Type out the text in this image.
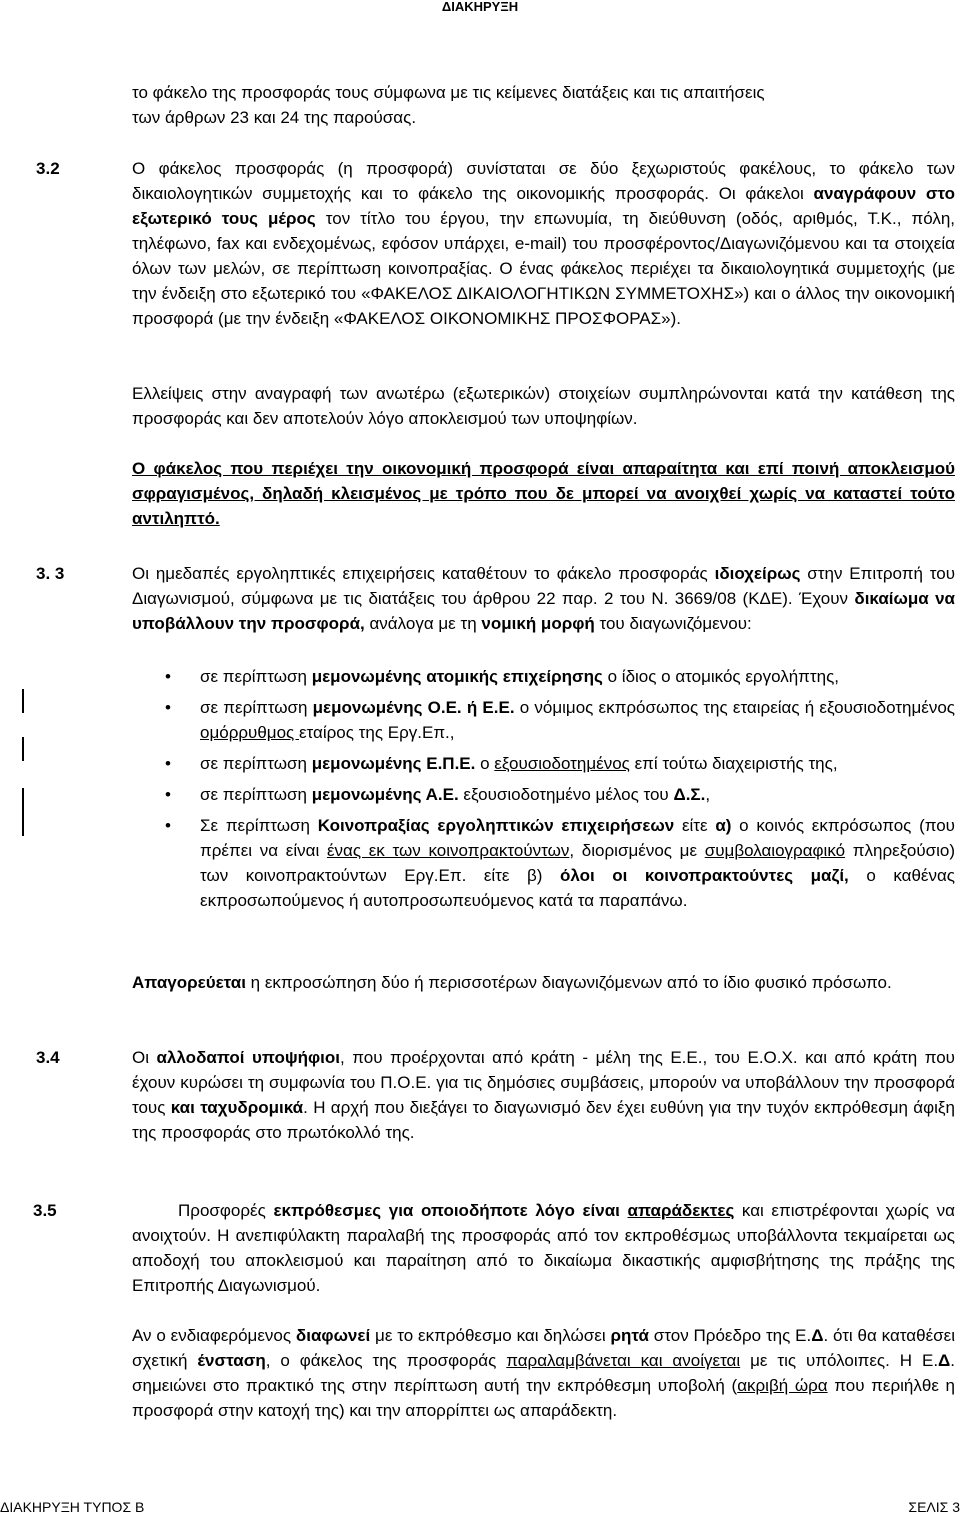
ΔΙΑΚΗΡΥΞΗ
το φάκελο της προσφοράς τους σύμφωνα με τις κείμενες διατάξεις και τις απαιτήσεις
των άρθρων 23 και 24 της παρούσας.
3.2	Ο φάκελος προσφοράς (η προσφορά) συνίσταται σε δύο ξεχωριστούς φακέλους, το φάκελο των δικαιολογητικών συμμετοχής και το φάκελο της οικονομικής προσφοράς. Οι φάκελοι αναγράφουν στο εξωτερικό τους μέρος τον τίτλο του έργου, την επωνυμία, τη διεύθυνση (οδός, αριθμός, Τ.Κ., πόλη, τηλέφωνο, fax και ενδεχομένως, εφόσον υπάρχει, e-mail) του προσφέροντος/Διαγωνιζόμενου και τα στοιχεία όλων των μελών, σε περίπτωση κοινοπραξίας. Ο ένας φάκελος περιέχει τα δικαιολογητικά συμμετοχής (με την ένδειξη στο εξωτερικό του «ΦΑΚΕΛΟΣ ΔΙΚΑΙΟΛΟΓΗΤΙΚΩΝ ΣΥΜΜΕΤΟΧΗΣ») και ο άλλος την οικονομική προσφορά (με την ένδειξη «ΦΑΚΕΛΟΣ ΟΙΚΟΝΟΜΙΚΗΣ ΠΡΟΣΦΟΡΑΣ»).
Ελλείψεις στην αναγραφή των ανωτέρω (εξωτερικών) στοιχείων συμπληρώνονται κατά την κατάθεση της προσφοράς και δεν αποτελούν λόγο αποκλεισμού των υποψηφίων.
Ο φάκελος που περιέχει την οικονομική προσφορά είναι απαραίτητα και επί ποινή αποκλεισμού σφραγισμένος, δηλαδή κλεισμένος με τρόπο που δε μπορεί να ανοιχθεί χωρίς να καταστεί τούτο αντιληπτό.
3. 3	Οι ημεδαπές εργοληπτικές επιχειρήσεις καταθέτουν το φάκελο προσφοράς ιδιοχείρως στην Επιτροπή του Διαγωνισμού, σύμφωνα με τις διατάξεις του άρθρου 22 παρ. 2 του Ν. 3669/08 (ΚΔΕ). Έχουν δικαίωμα να υποβάλλουν την προσφορά, ανάλογα με τη νομική μορφή του διαγωνιζόμενου:
• σε περίπτωση μεμονωμένης ατομικής επιχείρησης ο ίδιος ο ατομικός εργολήπτης,
• σε περίπτωση μεμονωμένης Ο.Ε. ή Ε.Ε. ο νόμιμος εκπρόσωπος της εταιρείας ή εξουσιοδοτημένος ομόρρυθμος εταίρος της Εργ.Επ.,
• σε περίπτωση μεμονωμένης Ε.Π.Ε. ο εξουσιοδοτημένος επί τούτω διαχειριστής της,
• σε περίπτωση μεμονωμένης Α.Ε. εξουσιοδοτημένο μέλος του Δ.Σ.,
• Σε περίπτωση Κοινοπραξίας εργοληπτικών επιχειρήσεων είτε α) ο κοινός εκπρόσωπος (που πρέπει να είναι ένας εκ των κοινοπρακτούντων, διορισμένος με συμβολαιογραφικό πληρεξούσιο) των κοινοπρακτούντων Εργ.Επ. είτε β) όλοι οι κοινοπρακτούντες μαζί, ο καθένας εκπροσωπούμενος ή αυτοπροσωπευόμενος κατά τα παραπάνω.
Απαγορεύεται η εκπροσώπηση δύο ή περισσοτέρων διαγωνιζόμενων από το ίδιο φυσικό πρόσωπο.
3.4	Οι αλλοδαποί υποψήφιοι, που προέρχονται από κράτη - μέλη της Ε.Ε., του Ε.Ο.Χ. και από κράτη που έχουν κυρώσει τη συμφωνία του Π.Ο.Ε. για τις δημόσιες συμβάσεις, μπορούν να υποβάλλουν την προσφορά τους και ταχυδρομικά. Η αρχή που διεξάγει το διαγωνισμό δεν έχει ευθύνη για την τυχόν εκπρόθεσμη άφιξη της προσφοράς στο πρωτόκολλό της.
3.5	Προσφορές εκπρόθεσμες για οποιοδήποτε λόγο είναι απαράδεκτες και επιστρέφονται χωρίς να ανοιχτούν. Η ανεπιφύλακτη παραλαβή της προσφοράς από τον εκπροθέσμως υποβάλλοντα τεκμαίρεται ως αποδοχή του αποκλεισμού και παραίτηση από το δικαίωμα δικαστικής αμφισβήτησης της πράξης της Επιτροπής Διαγωνισμού.
Αν ο ενδιαφερόμενος διαφωνεί με το εκπρόθεσμο και δηλώσει ρητά στον Πρόεδρο της Ε.Δ. ότι θα καταθέσει σχετική ένσταση, ο φάκελος της προσφοράς παραλαμβάνεται και ανοίγεται με τις υπόλοιπες. Η Ε.Δ. σημειώνει στο πρακτικό της στην περίπτωση αυτή την εκπρόθεσμη υποβολή (ακριβή ώρα που περιήλθε η προσφορά στην κατοχή της) και την απορρίπτει ως απαράδεκτη.
ΔΙΑΚΗΡΥΞΗ ΤΥΠΟΣ Β	ΣΕΛΙΣ 3
